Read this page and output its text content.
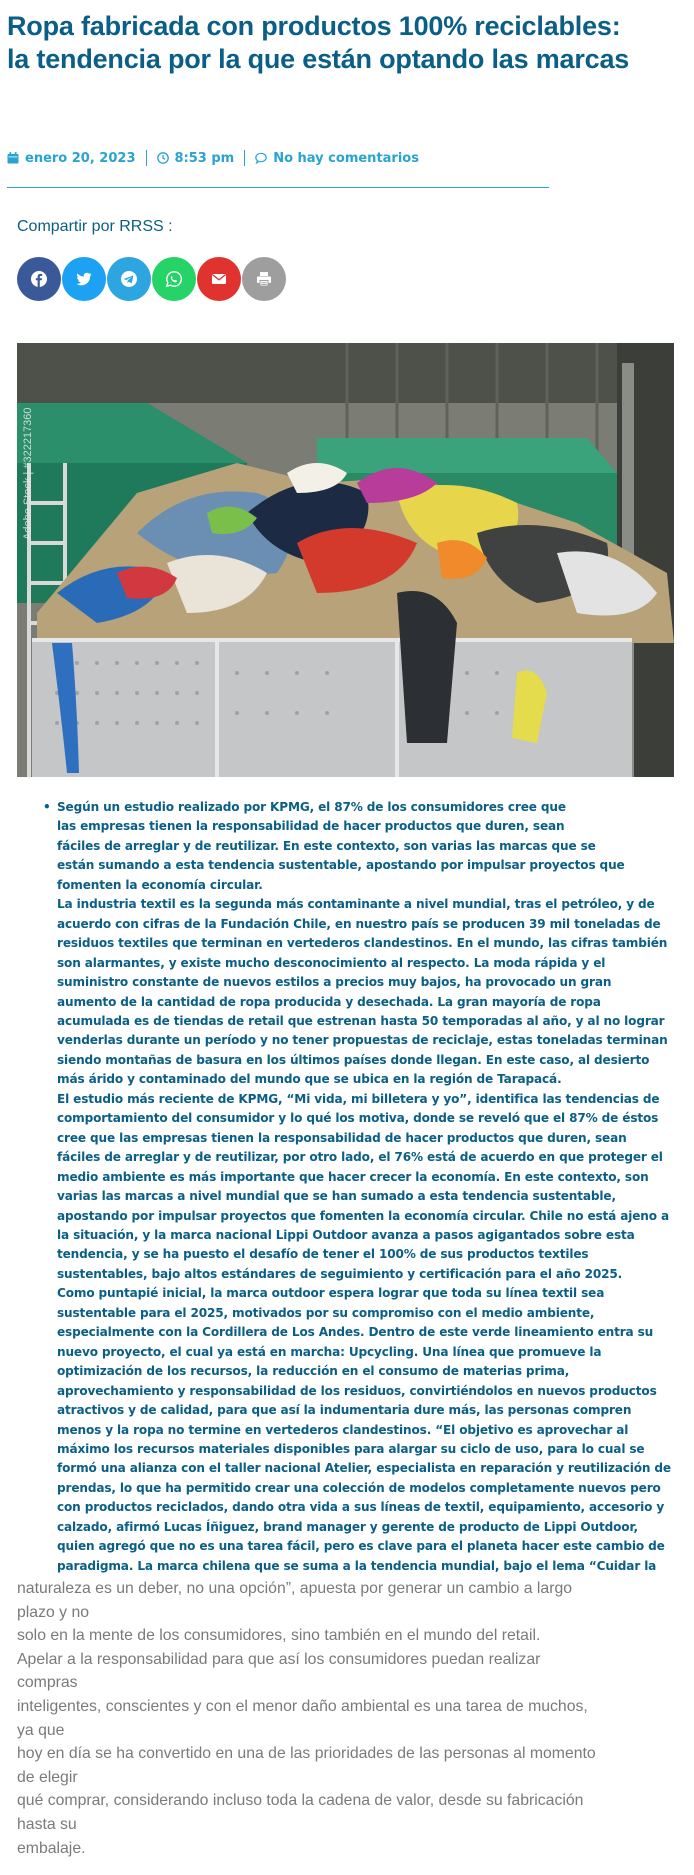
Ropa fabricada con productos 100% reciclables: la tendencia por la que están optando las marcas
enero 20, 2023	8:53 pm	No hay comentarios
Compartir por RRSS :
Adobe Stock | #322217360
• Según un estudio realizado por KPMG, el 87% de los consumidores cree que
las empresas tienen la responsabilidad de hacer productos que duren, sean
fáciles de arreglar y de reutilizar. En este contexto, son varias las marcas que se
están sumando a esta tendencia sustentable, apostando por impulsar proyectos que
fomenten la economía circular.

La industria textil es la segunda más contaminante a nivel mundial, tras el petróleo, y de acuerdo con cifras de la Fundación Chile, en nuestro país se producen 39 mil toneladas de residuos textiles que terminan en vertederos clandestinos. En el mundo, las cifras también son alarmantes, y existe mucho desconocimiento al respecto. La moda rápida y el suministro constante de nuevos estilos a precios muy bajos, ha provocado un gran aumento de la cantidad de ropa producida y desechada. La gran mayoría de ropa acumulada es de tiendas de retail que estrenan hasta 50 temporadas al año, y al no lograr venderlas durante un período y no tener propuestas de reciclaje, estas toneladas terminan siendo montañas de basura en los últimos países donde llegan. En este caso, al desierto más árido y contaminado del mundo que se ubica en la región de Tarapacá.

El estudio más reciente de KPMG, “Mi vida, mi billetera y yo”, identifica las tendencias de comportamiento del consumidor y lo qué los motiva, donde se reveló que el 87% de éstos cree que las empresas tienen la responsabilidad de hacer productos que duren, sean fáciles de arreglar y de reutilizar, por otro lado, el 76% está de acuerdo en que proteger el medio ambiente es más importante que hacer crecer la economía. En este contexto, son varias las marcas a nivel mundial que se han sumado a esta tendencia sustentable, apostando por impulsar proyectos que fomenten la economía circular. Chile no está ajeno a la situación, y la marca nacional Lippi Outdoor avanza a pasos agigantados sobre esta tendencia, y se ha puesto el desafío de tener el 100% de sus productos textiles sustentables, bajo altos estándares de seguimiento y certificación para el año 2025.

Como puntapié inicial, la marca outdoor espera lograr que toda su línea textil sea sustentable para el 2025, motivados por su compromiso con el medio ambiente, especialmente con la Cordillera de Los Andes. Dentro de este verde lineamiento entra su nuevo proyecto, el cual ya está en marcha: Upcycling. Una línea que promueve la optimización de los recursos, la reducción en el consumo de materias prima, aprovechamiento y responsabilidad de los residuos, convirtiéndolos en nuevos productos atractivos y de calidad, para que así la indumentaria dure más, las personas compren menos y la ropa no termine en vertederos clandestinos. “El objetivo es aprovechar al máximo los recursos materiales disponibles para alargar su ciclo de uso, para lo cual se formó una alianza con el taller nacional Atelier, especialista en reparación y reutilización de prendas, lo que ha permitido crear una colección de modelos completamente nuevos pero con productos reciclados, dando otra vida a sus líneas de textil, equipamiento, accesorio y calzado, afirmó Lucas Íñiguez, brand manager y gerente de producto de Lippi Outdoor, quien agregó que no es una tarea fácil, pero es clave para el planeta hacer este cambio de paradigma. La marca chilena que se suma a la tendencia mundial, bajo el lema “Cuidar la

naturaleza es un deber, no una opción”, apuesta por generar un cambio a largo

plazo y no

solo en la mente de los consumidores, sino también en el mundo del retail.

Apelar a la responsabilidad para que así los consumidores puedan realizar

compras

inteligentes, conscientes y con el menor daño ambiental es una tarea de muchos,

ya que

hoy en día se ha convertido en una de las prioridades de las personas al momento

de elegir

qué comprar, considerando incluso toda la cadena de valor, desde su fabricación

hasta su

embalaje.
